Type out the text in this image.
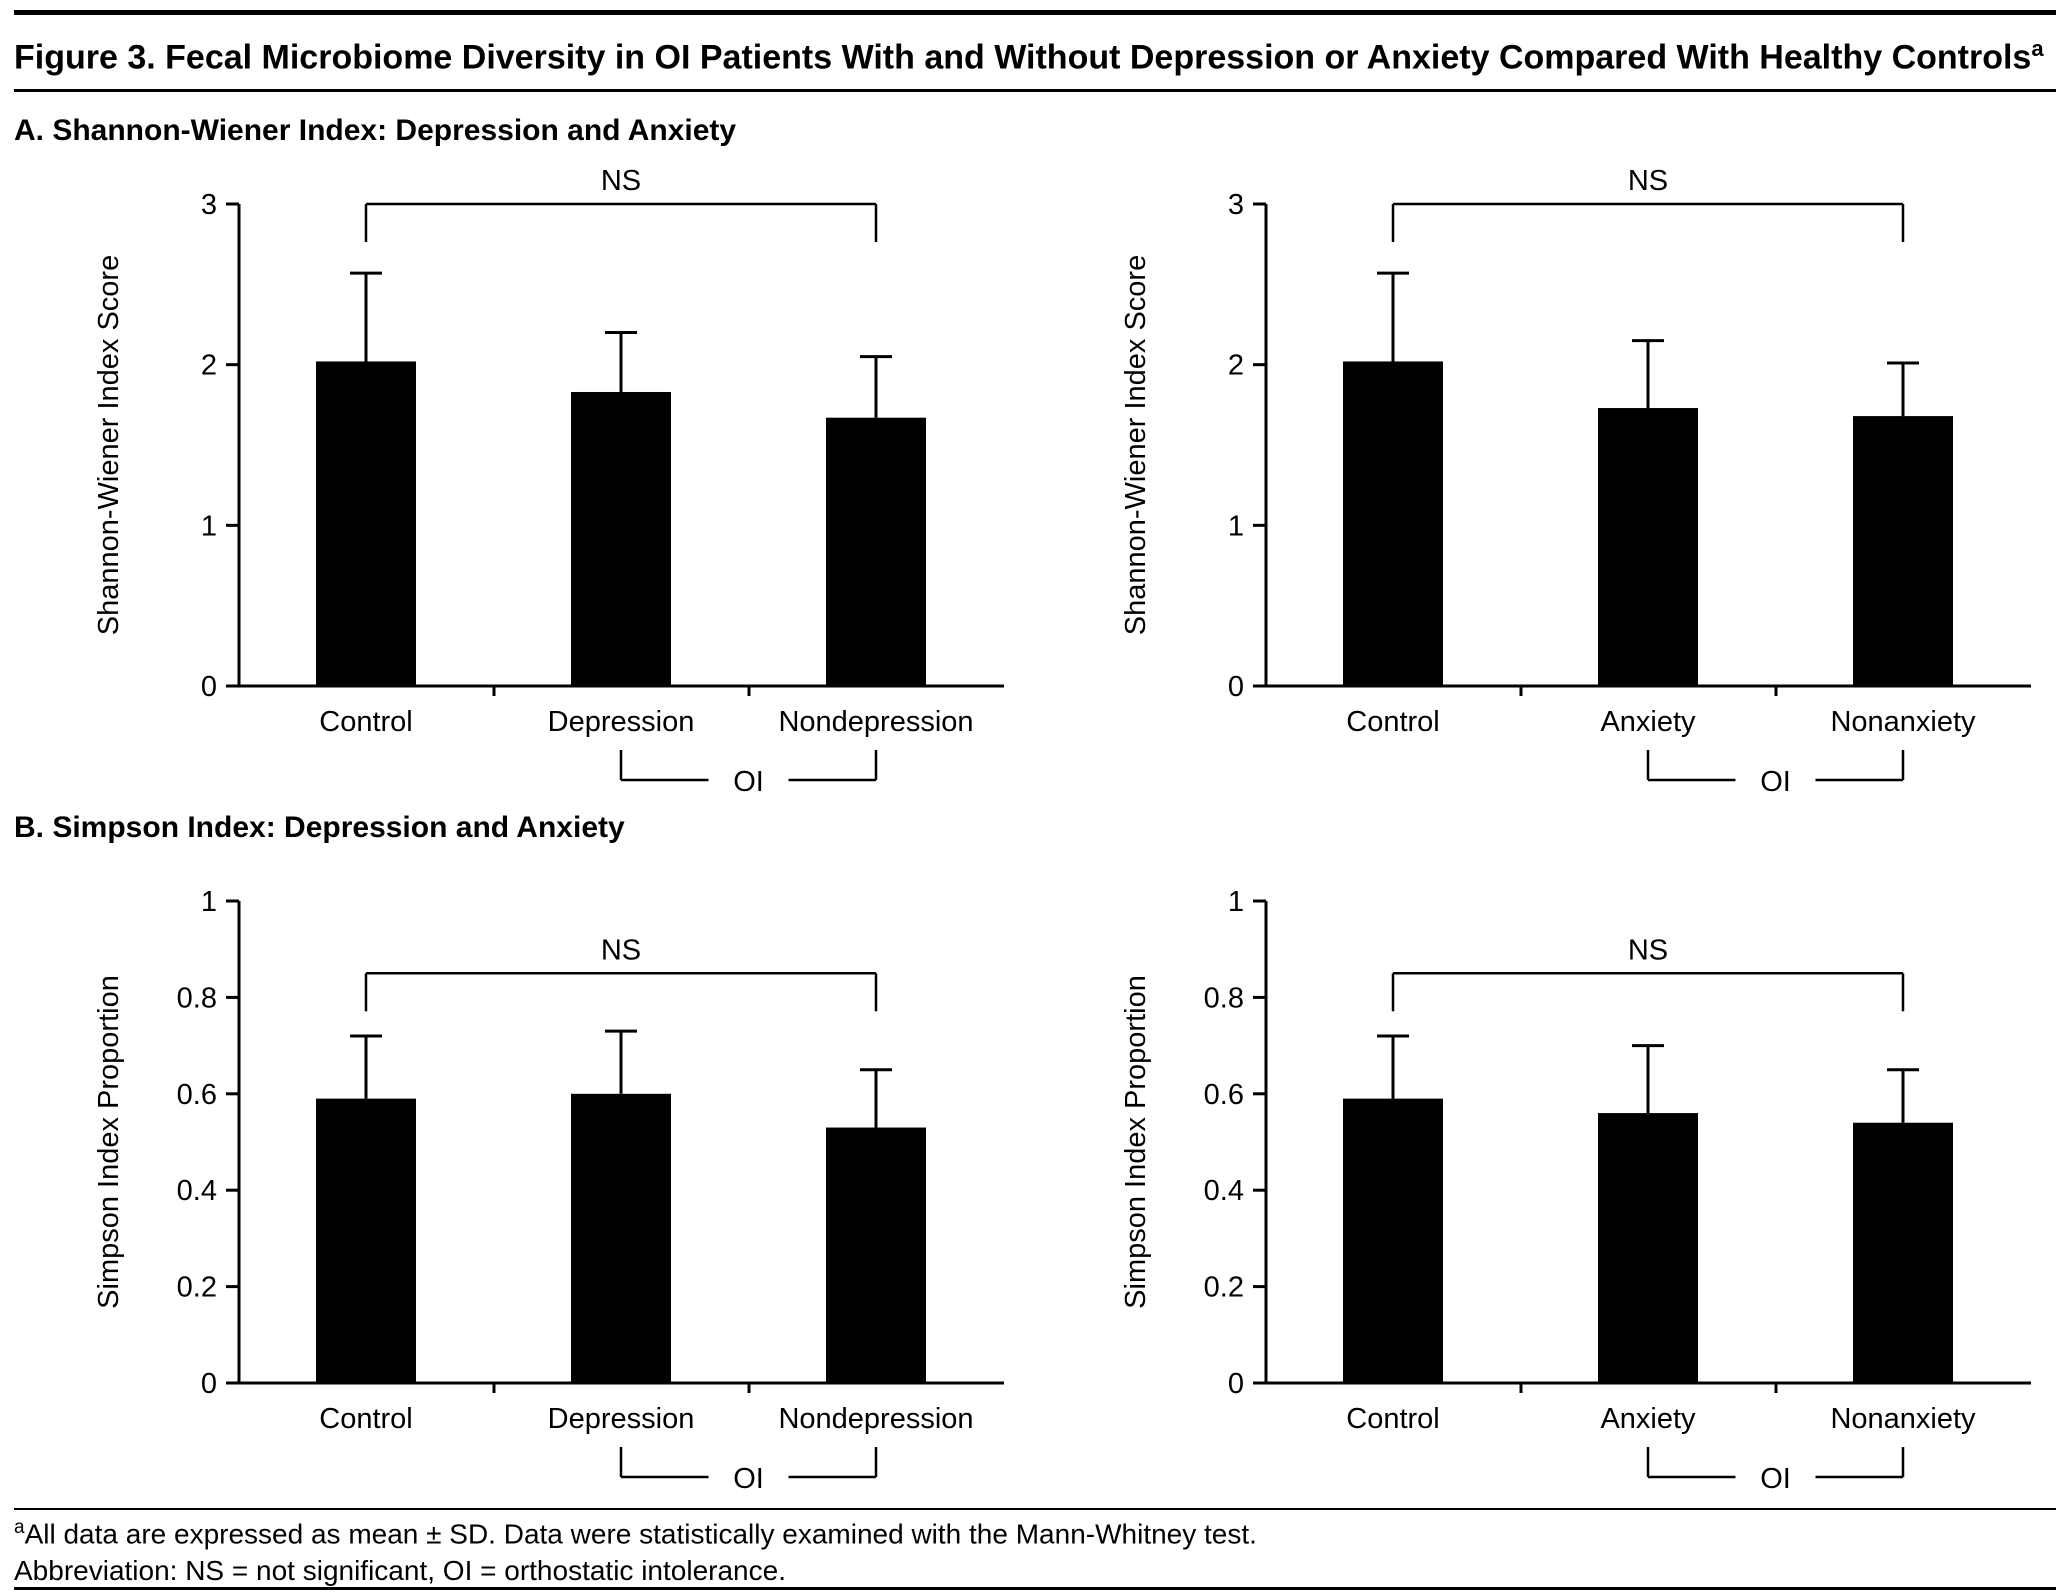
Figure 3. Fecal Microbiome Diversity in OI Patients With and Without Depression or Anxiety Compared With Healthy Controls$^a$
A. Shannon-Wiener Index: Depression and Anxiety
0
1
2
3
Shannon-Wiener Index Score
Control	Depression	Nondepression
NS
OI
0
1
2
3
Shannon-Wiener Index Score
Control	Anxiety	Nonanxiety
NS
OI
B. Simpson Index: Depression and Anxiety
0
0.2
0.4
0.6
0.8
1
Simpson Index Proportion
Control	Depression	Nondepression
NS
OI
0
0.2
0.4
0.6
0.8
1
Simpson Index Proportion
Control	Anxiety	Nonanxiety
NS
OI

$^a$All data are expressed as mean ± SD. Data were statistically examined with the Mann-Whitney test.

Abbreviation: NS = not significant, OI = orthostatic intolerance.
